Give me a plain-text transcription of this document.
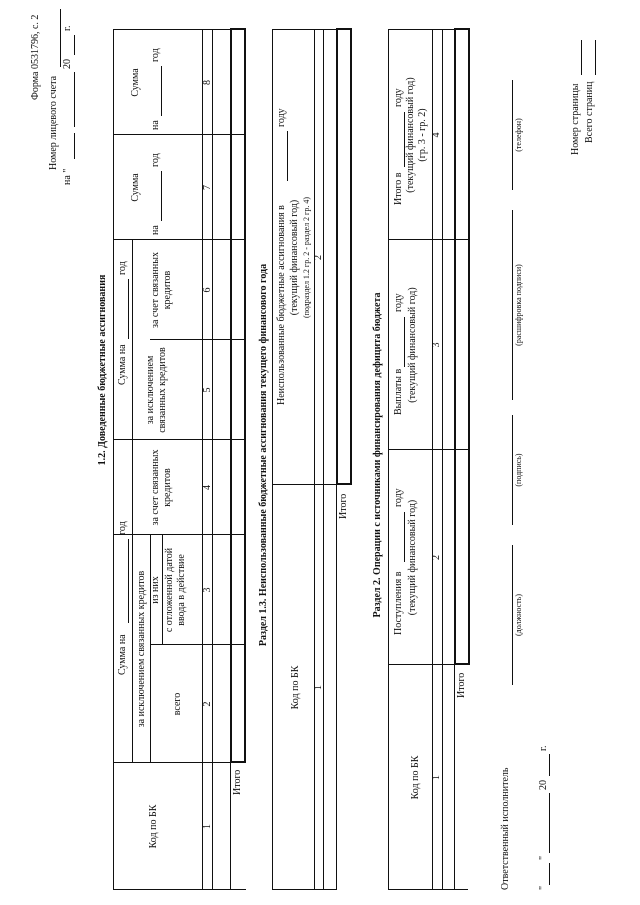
Форма 0531796, с. 2
Номер лицевого счета
на "
20
г.
1.2. Доведенные бюджетные ассигнования
Код по БК
Сумма на
год
за исключением связанных кредитов	всего
из них с отложенной датой ввода в действие
за счет связанных кредитов
Сумма на
год
за исключением связанных кредитов
за счет связанных кредитов
Сумма
на
год
Сумма
на
год
1
2
3
4
5
6
7
8
Итого
Раздел 1.3. Неиспользованные бюджетные ассигнования текущего финансового года
Код по БК
Неиспользованные бюджетные ассигнования в
году
(текущий финансовый год) (подраздел 1.2 гр. 2 - раздел 2 гр. 4)
1
2
Итого Раздел 2. Операции с источниками финансирования дефицита бюджета
Код по БК
Поступления в
году
(текущий финансовый год)
Выплаты в
году (текущий финансовый год)
Итого в
году (текущий финансовый год) (гр. 3 - гр. 2)
1
2
3
4
Итого
Ответственный исполнитель
(должность)
(подпись)
(расшифровка подписи)
(телефон)
"
"
20
г.
Номер страницы Всего страниц
